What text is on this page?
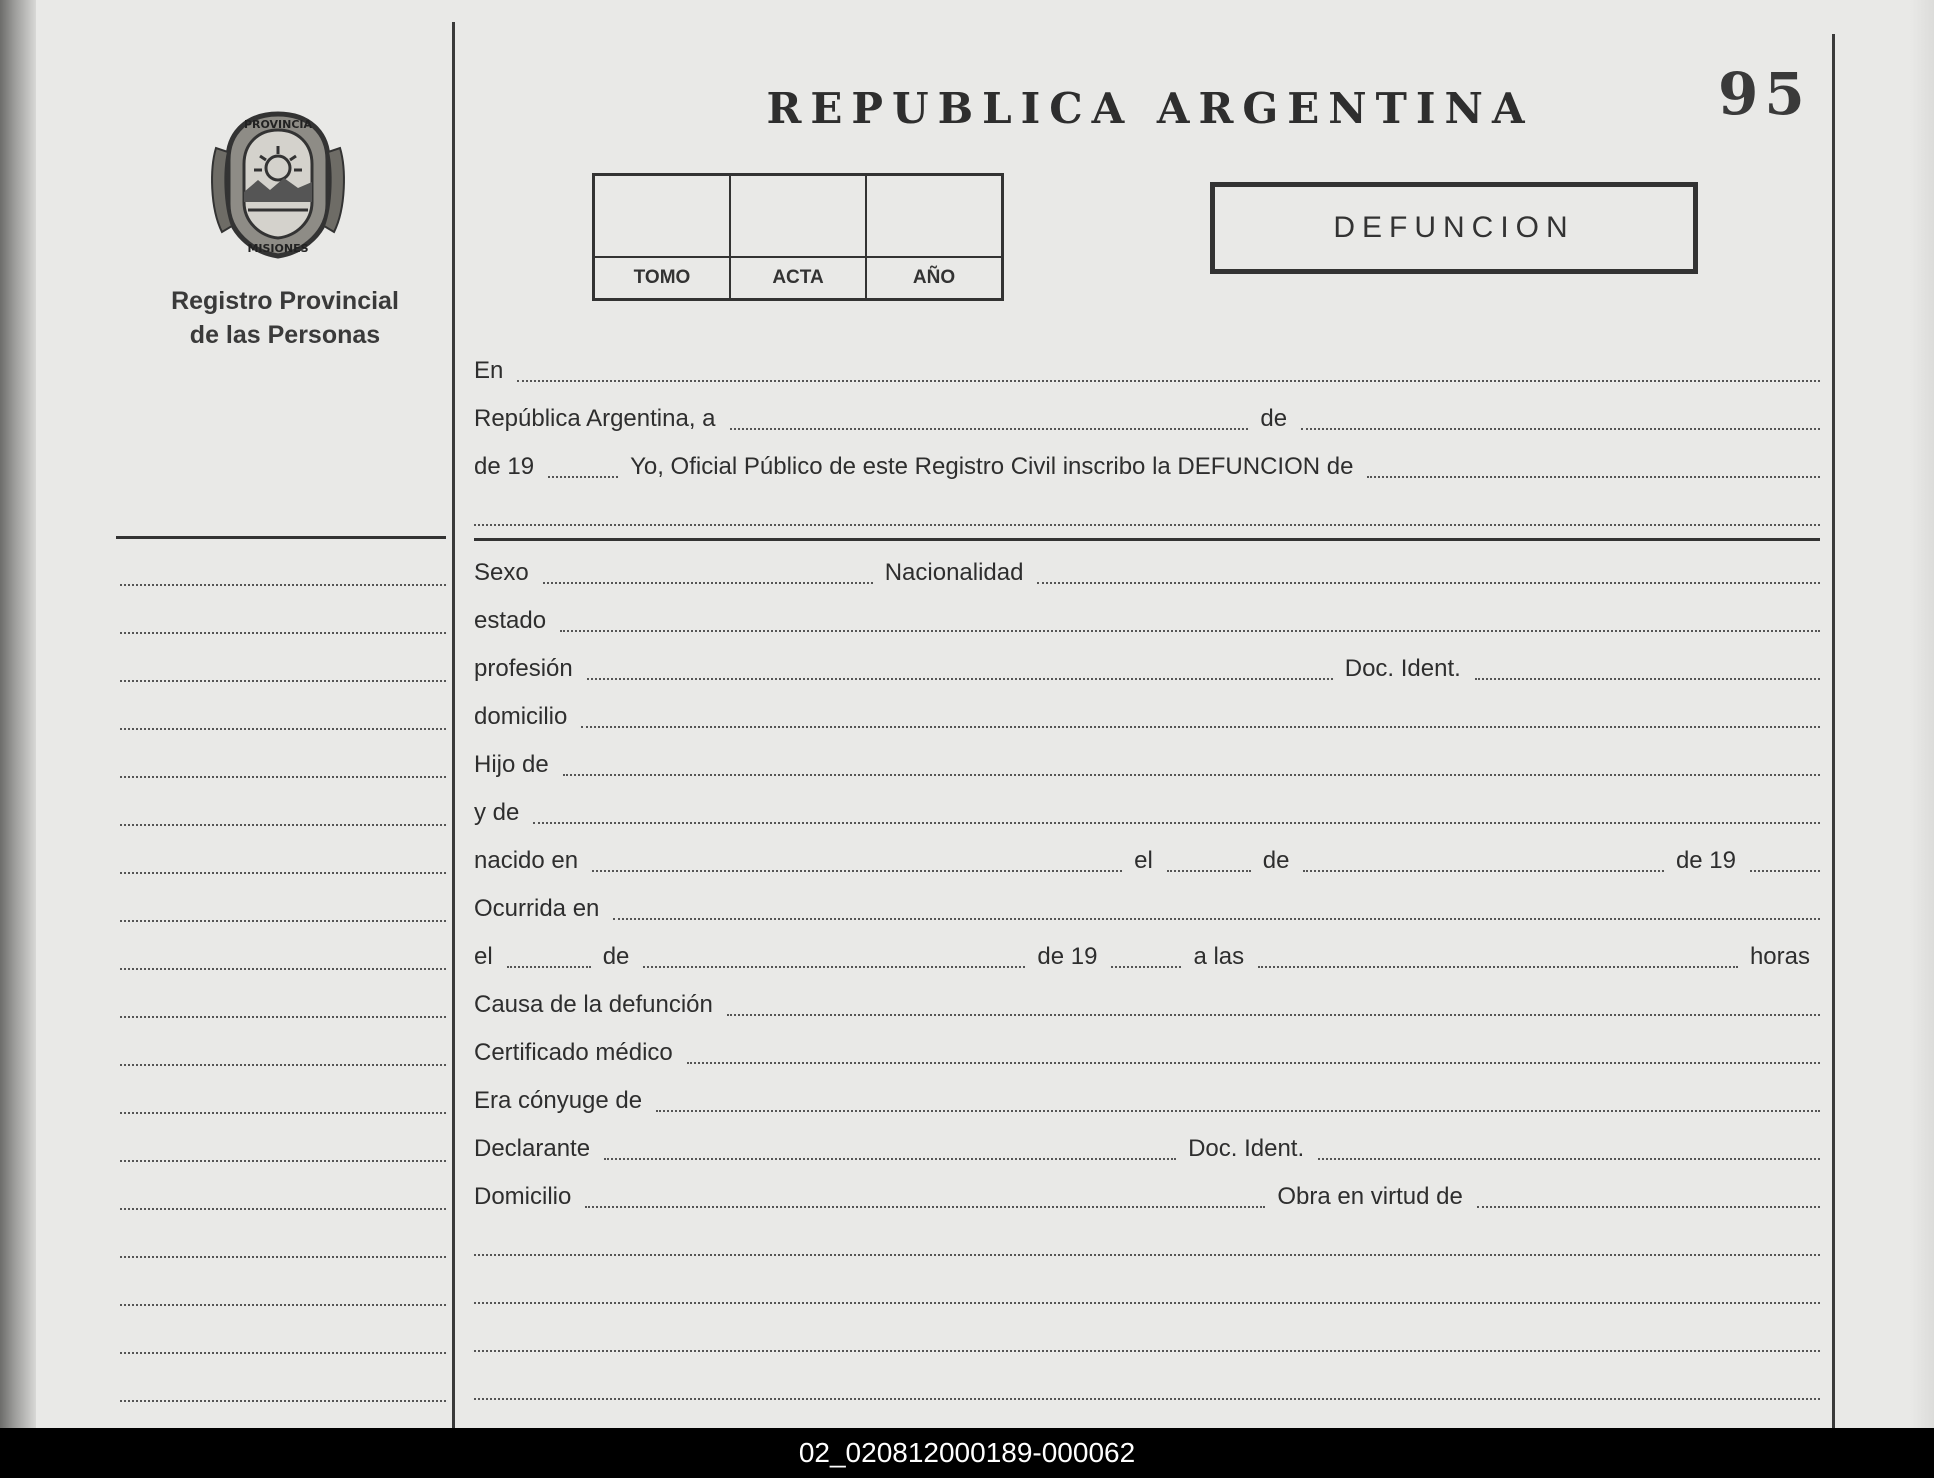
PROVINCIA
MISIONES
Registro Provincial
de las Personas
REPUBLICA ARGENTINA	95
TOMO	ACTA	AÑO
DEFUNCION
En
República Argentina, a	de
de 19	Yo, Oficial Público de este Registro Civil inscribo la DEFUNCION de
Sexo	Nacionalidad
estado
profesión	Doc. Ident.
domicilio
Hijo de
y de
nacido en	el	de	de 19
Ocurrida en
el	de	de 19	a las	horas
Causa de la defunción
Certificado médico
Era cónyuge de
Declarante	Doc. Ident.
Domicilio	Obra en virtud de
02_020812000189-000062
